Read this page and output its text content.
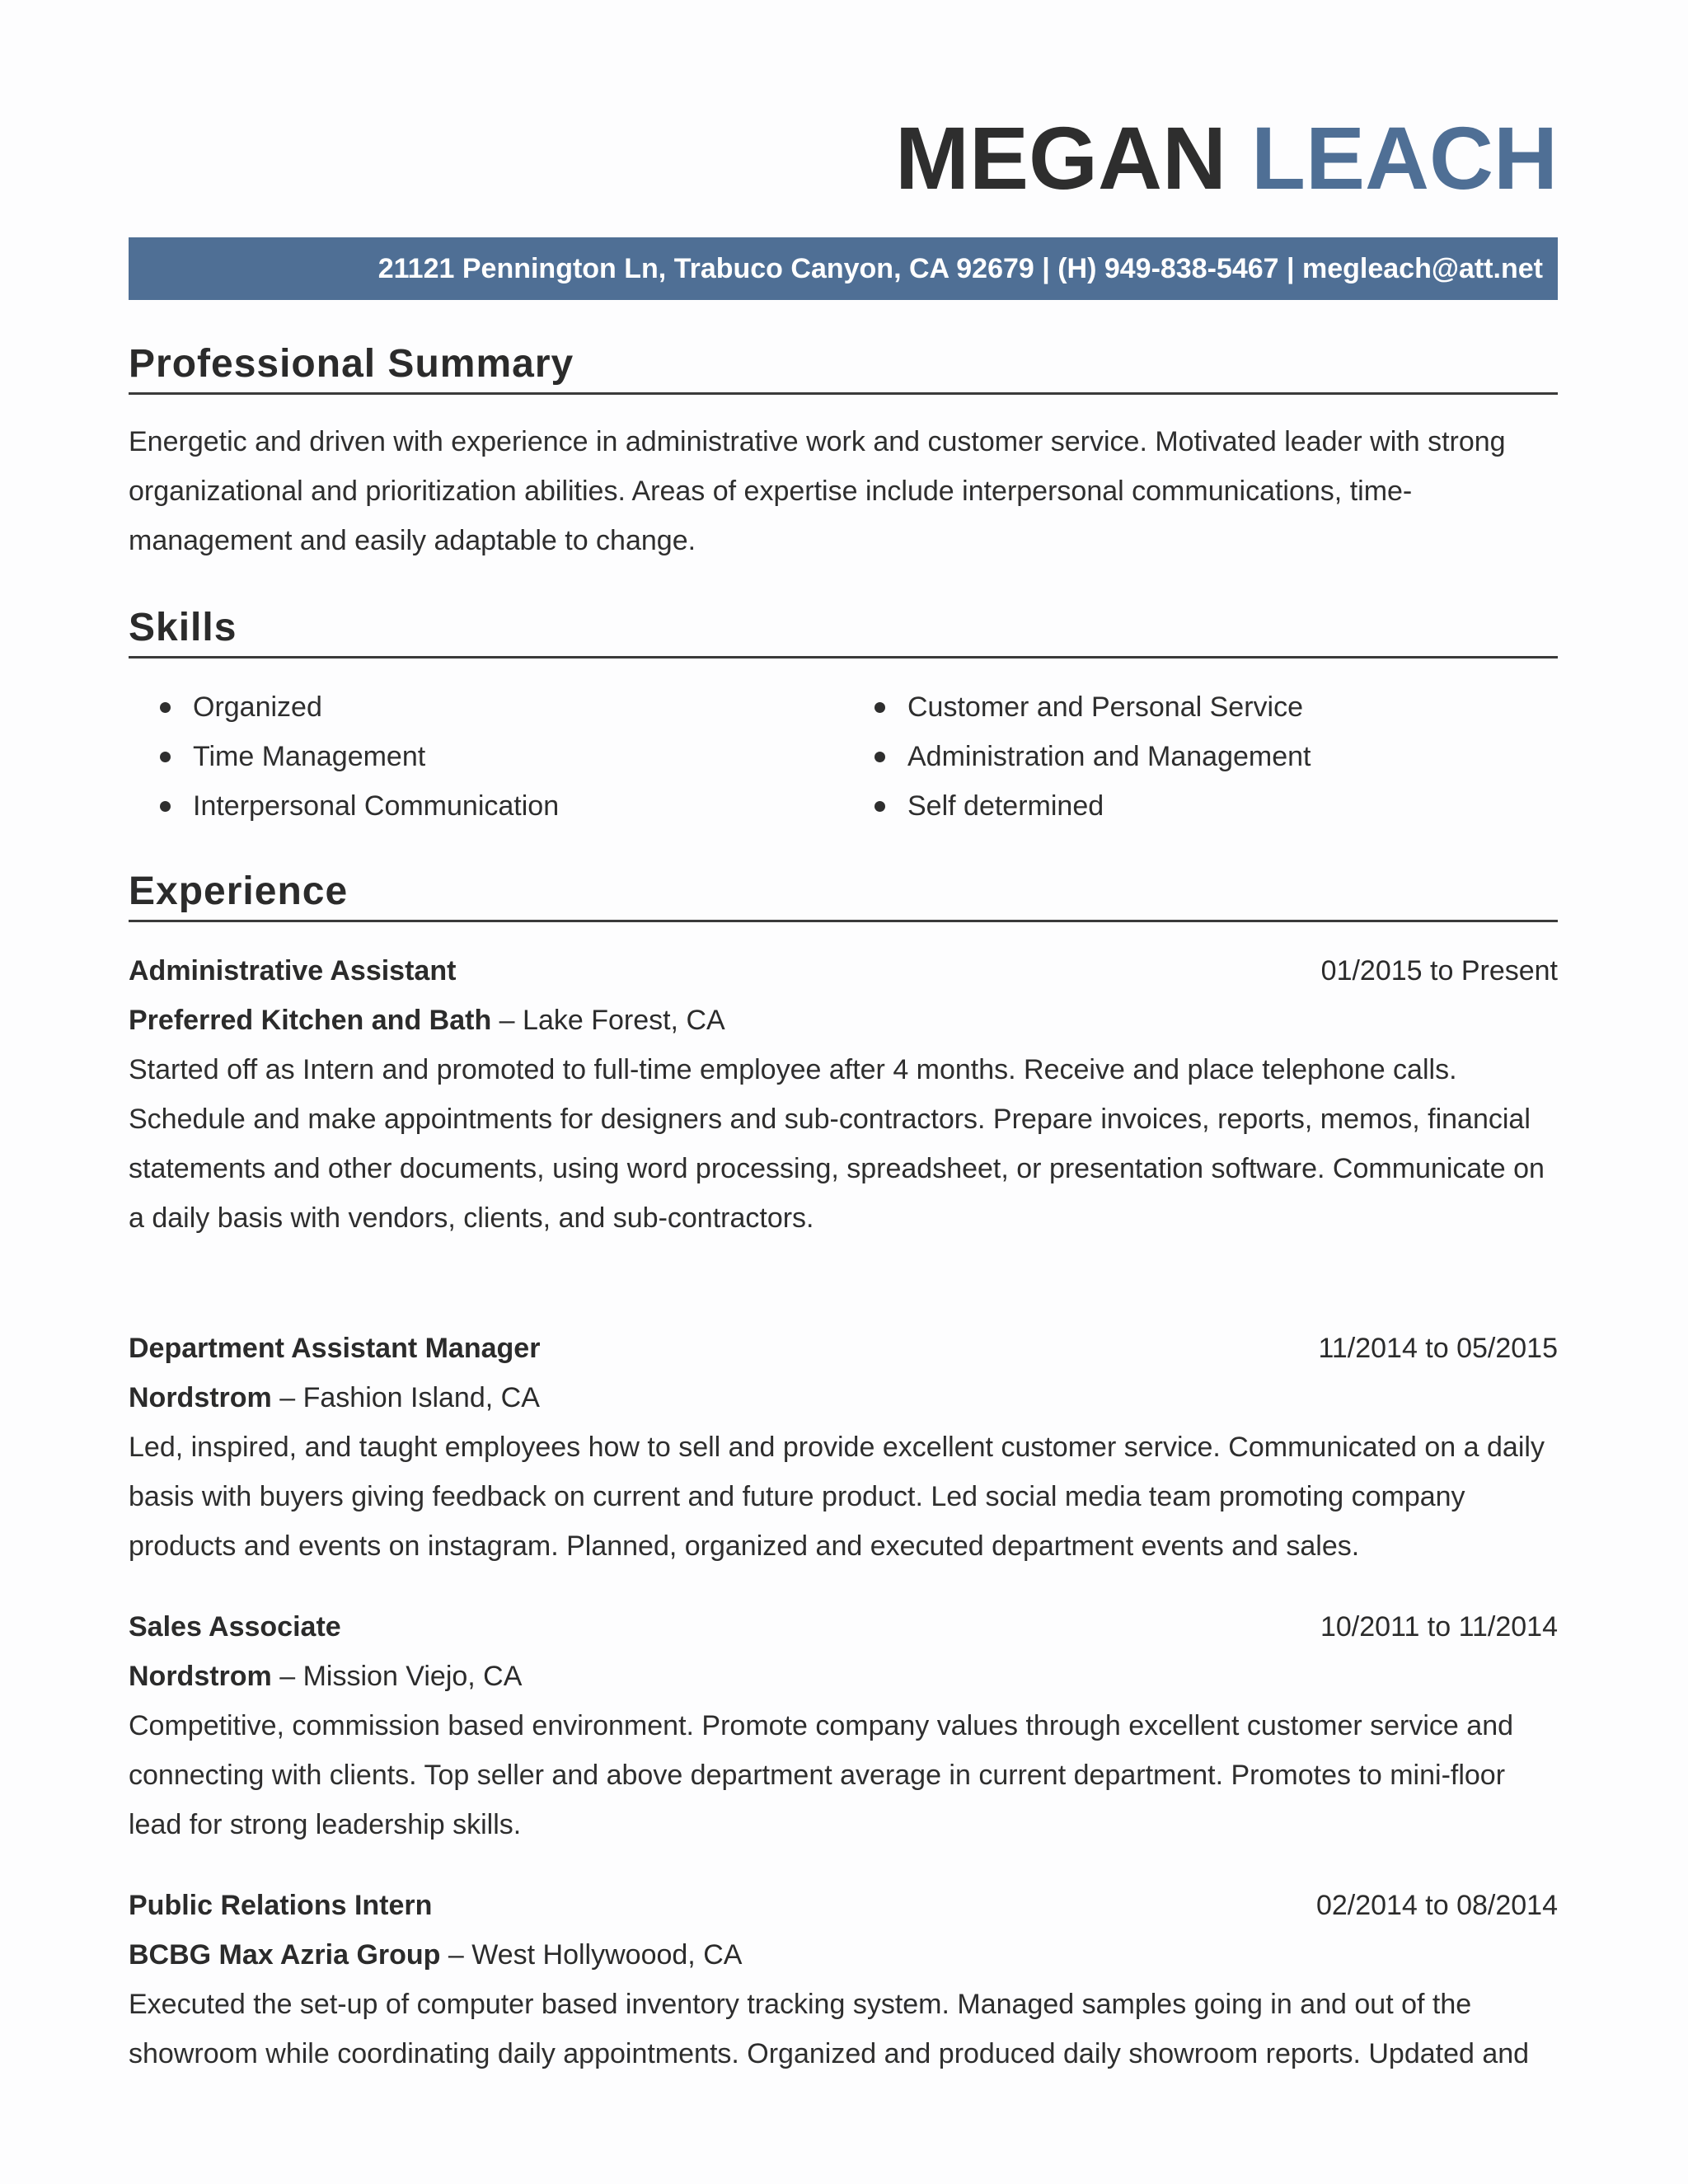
MEGAN LEACH
21121 Pennington Ln, Trabuco Canyon, CA 92679 | (H) 949-838-5467 | megleach@att.net
Professional Summary
Energetic and driven with experience in administrative work and customer service. Motivated leader with strong organizational and prioritization abilities. Areas of expertise include interpersonal communications, time-management and easily adaptable to change.
Skills
Organized
Time Management
Interpersonal Communication
Customer and Personal Service
Administration and Management
Self determined
Experience
Administrative Assistant	01/2015 to Present
Preferred Kitchen and Bath – Lake Forest, CA
Started off as Intern and promoted to full-time employee after 4 months. Receive and place telephone calls. Schedule and make appointments for designers and sub-contractors. Prepare invoices, reports, memos, financial statements and other documents, using word processing, spreadsheet, or presentation software. Communicate on a daily basis with vendors, clients, and sub-contractors.
Department Assistant Manager	11/2014 to 05/2015
Nordstrom – Fashion Island, CA
Led, inspired, and taught employees how to sell and provide excellent customer service. Communicated on a daily basis with buyers giving feedback on current and future product. Led social media team promoting company products and events on instagram. Planned, organized and executed department events and sales.
Sales Associate	10/2011 to 11/2014
Nordstrom – Mission Viejo, CA
Competitive, commission based environment. Promote company values through excellent customer service and connecting with clients. Top seller and above department average in current department. Promotes to mini-floor lead for strong leadership skills.
Public Relations Intern	02/2014 to 08/2014
BCBG Max Azria Group – West Hollywoood, CA
Executed the set-up of computer based inventory tracking system. Managed samples going in and out of the showroom while coordinating daily appointments. Organized and produced daily showroom reports. Updated and
